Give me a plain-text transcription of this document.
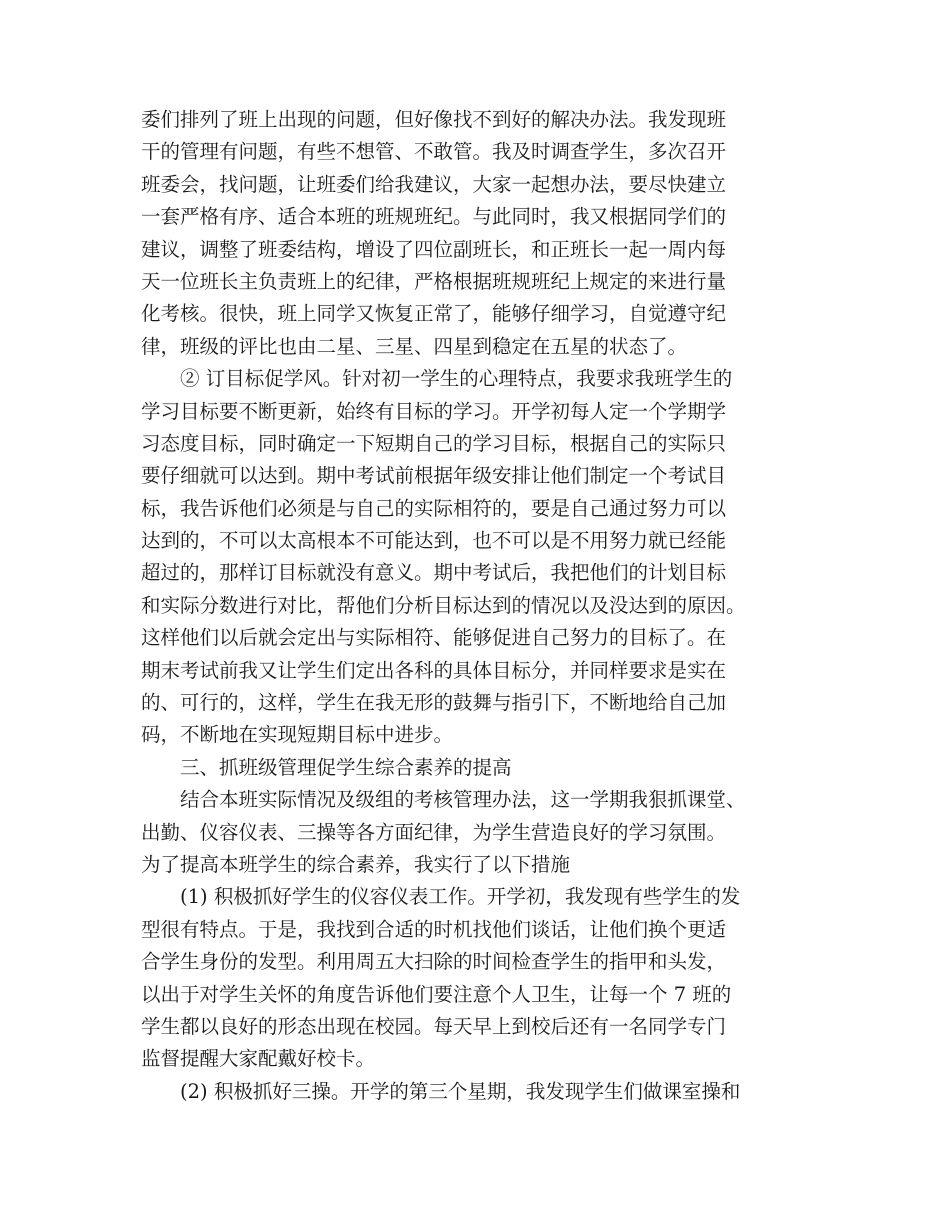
委们排列了班上出现的问题，但好像找不到好的解决办法。我发现班
干的管理有问题，有些不想管、不敢管。我及时调查学生，多次召开
班委会，找问题，让班委们给我建议，大家一起想办法，要尽快建立
一套严格有序、适合本班的班规班纪。与此同时，我又根据同学们的
建议，调整了班委结构，增设了四位副班长，和正班长一起一周内每
天一位班长主负责班上的纪律，严格根据班规班纪上规定的来进行量
化考核。很快，班上同学又恢复正常了，能够仔细学习，自觉遵守纪
律，班级的评比也由二星、三星、四星到稳定在五星的状态了。
② 订目标促学风。针对初一学生的心理特点，我要求我班学生的
学习目标要不断更新，始终有目标的学习。开学初每人定一个学期学
习态度目标，同时确定一下短期自己的学习目标，根据自己的实际只
要仔细就可以达到。期中考试前根据年级安排让他们制定一个考试目
标，我告诉他们必须是与自己的实际相符的，要是自己通过努力可以
达到的，不可以太高根本不可能达到，也不可以是不用努力就已经能
超过的，那样订目标就没有意义。期中考试后，我把他们的计划目标
和实际分数进行对比，帮他们分析目标达到的情况以及没达到的原因。
这样他们以后就会定出与实际相符、能够促进自己努力的目标了。在
期末考试前我又让学生们定出各科的具体目标分，并同样要求是实在
的、可行的，这样，学生在我无形的鼓舞与指引下，不断地给自己加
码，不断地在实现短期目标中进步。
三、抓班级管理促学生综合素养的提高
结合本班实际情况及级组的考核管理办法，这一学期我狠抓课堂、
出勤、仪容仪表、三操等各方面纪律，为学生营造良好的学习氛围。
为了提高本班学生的综合素养，我实行了以下措施
(1) 积极抓好学生的仪容仪表工作。开学初，我发现有些学生的发
型很有特点。于是，我找到合适的时机找他们谈话，让他们换个更适
合学生身份的发型。利用周五大扫除的时间检查学生的指甲和头发，
以出于对学生关怀的角度告诉他们要注意个人卫生，让每一个 7 班的
学生都以良好的形态出现在校园。每天早上到校后还有一名同学专门
监督提醒大家配戴好校卡。
(2) 积极抓好三操。开学的第三个星期，我发现学生们做课室操和
